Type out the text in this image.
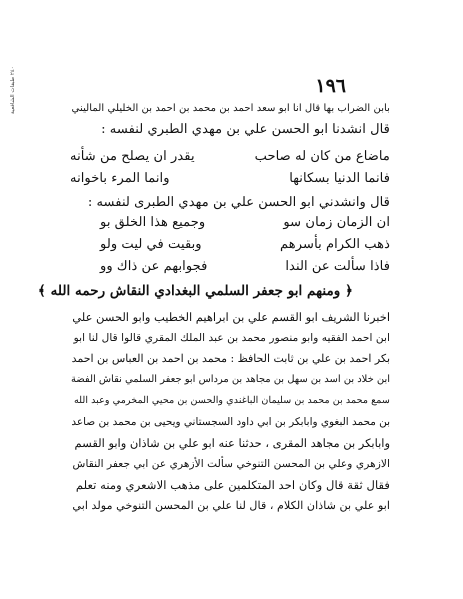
٢٤٠ طبقات الشافعية
١٩٦
بابن الضراب بها قال انا ابو سعد احمد بن محمد بن احمد بن الخليلي الماليني
قال انشدنا ابو الحسن علي بن مهدي الطبري لنفسه :
ماضاع من كان له صاحب
يقدر ان يصلح من شأنه
فانما الدنيا بسكانها
وانما المرء باخوانه
قال وانشدني ابو الحسن علي بن مهدي الطبرى لنفسه :
ان الزمان زمان سو
وجميع هذا الخلق بو
ذهب الكرام بأسرهم
وبقيت في ليت ولو
فاذا سألت عن الندا
فجوابهم عن ذاك وو
﴿ ومنهم ابو جعفر السلمي البغدادي النقاش رحمه الله ﴾
اخبرنا الشريف ابو القسم علي بن ابراهيم الخطيب وابو الحسن علي
ابن احمد الفقيه وابو منصور محمد بن عبد الملك المقري قالوا قال لنا ابو
بكر احمد بن علي بن ثابت الحافظ : محمد بن احمد بن العباس بن احمد
ابن خلاد بن اسد بن سهل بن مجاهد بن مرداس ابو جعفر السلمي نقاش الفضة
سمع محمد بن محمد بن سليمان الباغندي والحسن بن محيي المخرمي وعبد الله
بن محمد البغوي وابابكر بن ابي داود السجستاني ويحيى بن محمد بن صاعد
وابابكر بن مجاهد المقرى ، حدثنا عنه ابو علي بن شاذان وابو القسم
الازهري وعلي بن المحسن التنوخي سألت الأزهري عن ابي جعفر النقاش
فقال ثقة قال وكان احد المتكلمين على مذهب الاشعري ومنه تعلم
ابو علي بن شاذان الكلام ، قال لنا علي بن المحسن التنوخي مولد ابي
